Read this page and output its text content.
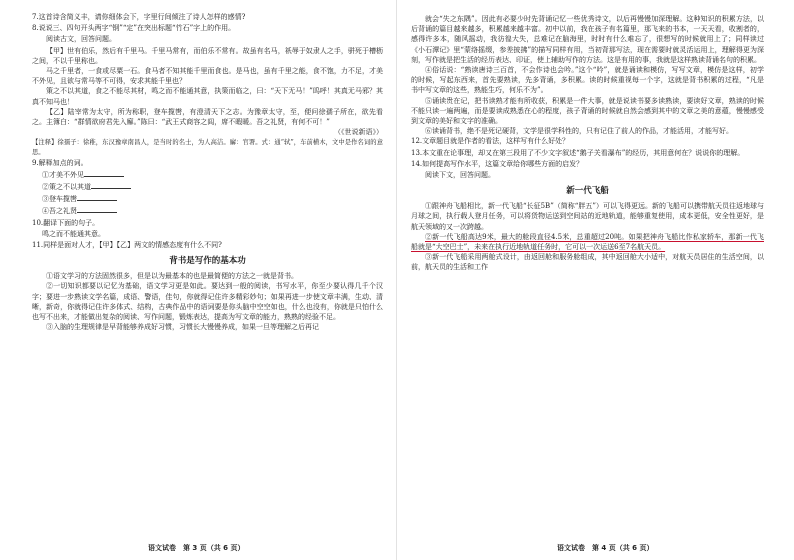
7.这首诗含简义丰，请你细体会下，字里行间倾注了诗人怎样的感情?

8.说说三、四句开头两字“钢”“定”在突出标题“竹石”字上的作用。

阅读古文，回答问题。

【甲】世有伯乐，然后有千里马。千里马常有，而伯乐不常有。故虽有名马，祇辱于奴隶人之手，骈死于槽枥之间，不以千里称也。

马之千里者，一食或尽粟一石。食马者不知其能千里而食也。是马也，虽有千里之能，食不饱，力不足，才美不外见，且欲与常马等不可得，安求其能千里也？

策之不以其道，食之不能尽其材，鸣之而不能通其意，执策而临之，曰：“天下无马！”呜呼！其真无马邪？其真不知马也！

【乙】陆宰常为太守，所为称职，登车揽辔，有澄清天下之志。为豫章太守，至，便问徐孺子所在，欲先看之。主簿白：“群情欲府君先入廨。”陈曰：“武王式商容之闾，席不暇暖。吾之礼贤，有何不可！”

（《世说新语》）

【注释】徐孺子：徐稚，东汉豫章南昌人，是当时的名士，为人高洁。廨：官署。式：通“轼”，车前横木，文中是作名词的意思。

9.解释加点的词。

①才美不外见

②策之不以其道

③登车揽辔

④吾之礼贤

10.翻译下面的句子。

鸣之而不能通其意。

11.同样是面对人才，【甲】【乙】两文的情感态度有什么不同?

背书是写作的基本功

①语文学习的方法固然很多，但是以为最基本的也是最简便的方法之一就是背书。

②一切知识都要以记忆为基础，语文学习更是如此。要达到一般的阅读，书写水平，你至少要认得几千个汉字；要进一步熟读文学名篇，成语、警语，佳句，你就得记住许多精彩妙句；如果再进一步使文章丰满，生动、清晰，新奇，你就得记住许多体式、结构，古典作品中的语词要是你头脑中空空如也，什么也没有，你就是只怕什么也写不出来，才能做出复杂的阅读、写作问题，锻炼表达，提高为写文章的能力，熟熟的经验不足。

③入脑的生理规律是早背能够养成好习惯，习惯长大慢慢养成，如果一旦等理解之后再记

语文试卷　第 3 页（共 6 页）

就会“失之东隅”。因此有必要少时先背诵记忆一些优秀诗文，以后再慢慢加深理解。这种知识的积累方法，以后背诵的篇目越来越多，积累越来越丰富。初中以前，我在孩子有名篇里，那飞来的书本，一天天看，收割者的，感得许多本，随风摇动，我彷徨大失，总难记在脑海里，时时有什么难忘了，很想写的时候就用上了；同样读过《小石潭记》里“蒙络摇缀，参差披拂”的描写同样有用，当初背那写法，现在需要时就灵活运用上，理解得更为深刻，写作就是把生活的经历表达、印证，使上辅助写作的方法。这是有用的事，我就是这样熟读背诵名句的积累。

④俗话说：“熟读唐诗三百首，不会作诗也会吟。”这个“吟”，就是诵读和模仿，写写文章，模仿是这样，初学的时候，写起东西来，首先要熟读，先多背诵，多积累。读的时候重视每一个字，这就是背书积累的过程，“凡是书中写文章的这些，熟能生巧，何乐不为”。

⑤诵读贵在记，把书读熟才能有所收获，积累是一件大事，就是说读书要多读熟读，要读好文章，熟读的时候不能只读一遍两遍，而是要读成熟悉在心的程度，孩子背诵的时候就自然会感到其中的文章之美的意蕴，慢慢感受到文章的美好和文字的准确。

⑥读诵背书，绝不是死记硬背，文学是很学科性的，只有记住了前人的作品，才能活用，才能写好。

12.文章题目就是作者的看法，这样写有什么好处？

13.本文重在论事理，却又在第三段用了不少文字叙述“鹅子关看瀑布”的经历，其用意何在？说说你的理解。

14.如何提高写作水平，这篇文章给你哪些方面的启发？

阅读下文，回答问题。

新一代飞船

①跟神舟飞船相比，新一代飞船“长征5B”（简称“胖五”）可以飞得更远。新的飞船可以携带航天员往返地球与月球之间，执行载人登月任务，可以将货物运送到空间站的近地轨道，能够重复使用，成本更低，安全性更好，是航天领域的又一次跨越。

②新一代飞船高达9米，最大的舱段直径4.5米，总重超过20吨。如果把神舟飞船比作私家轿车，那新一代飞船就是“大空巴士”，未来在执行近地轨道任务时，它可以一次运送6至7名航天员。

③新一代飞船采用两舱式设计，由返回舱和服务舱组成，其中返回舱大小适中，对航天员居住的生活空间，以前，航天员的生活和工作

语文试卷　第 4 页（共 6 页）
